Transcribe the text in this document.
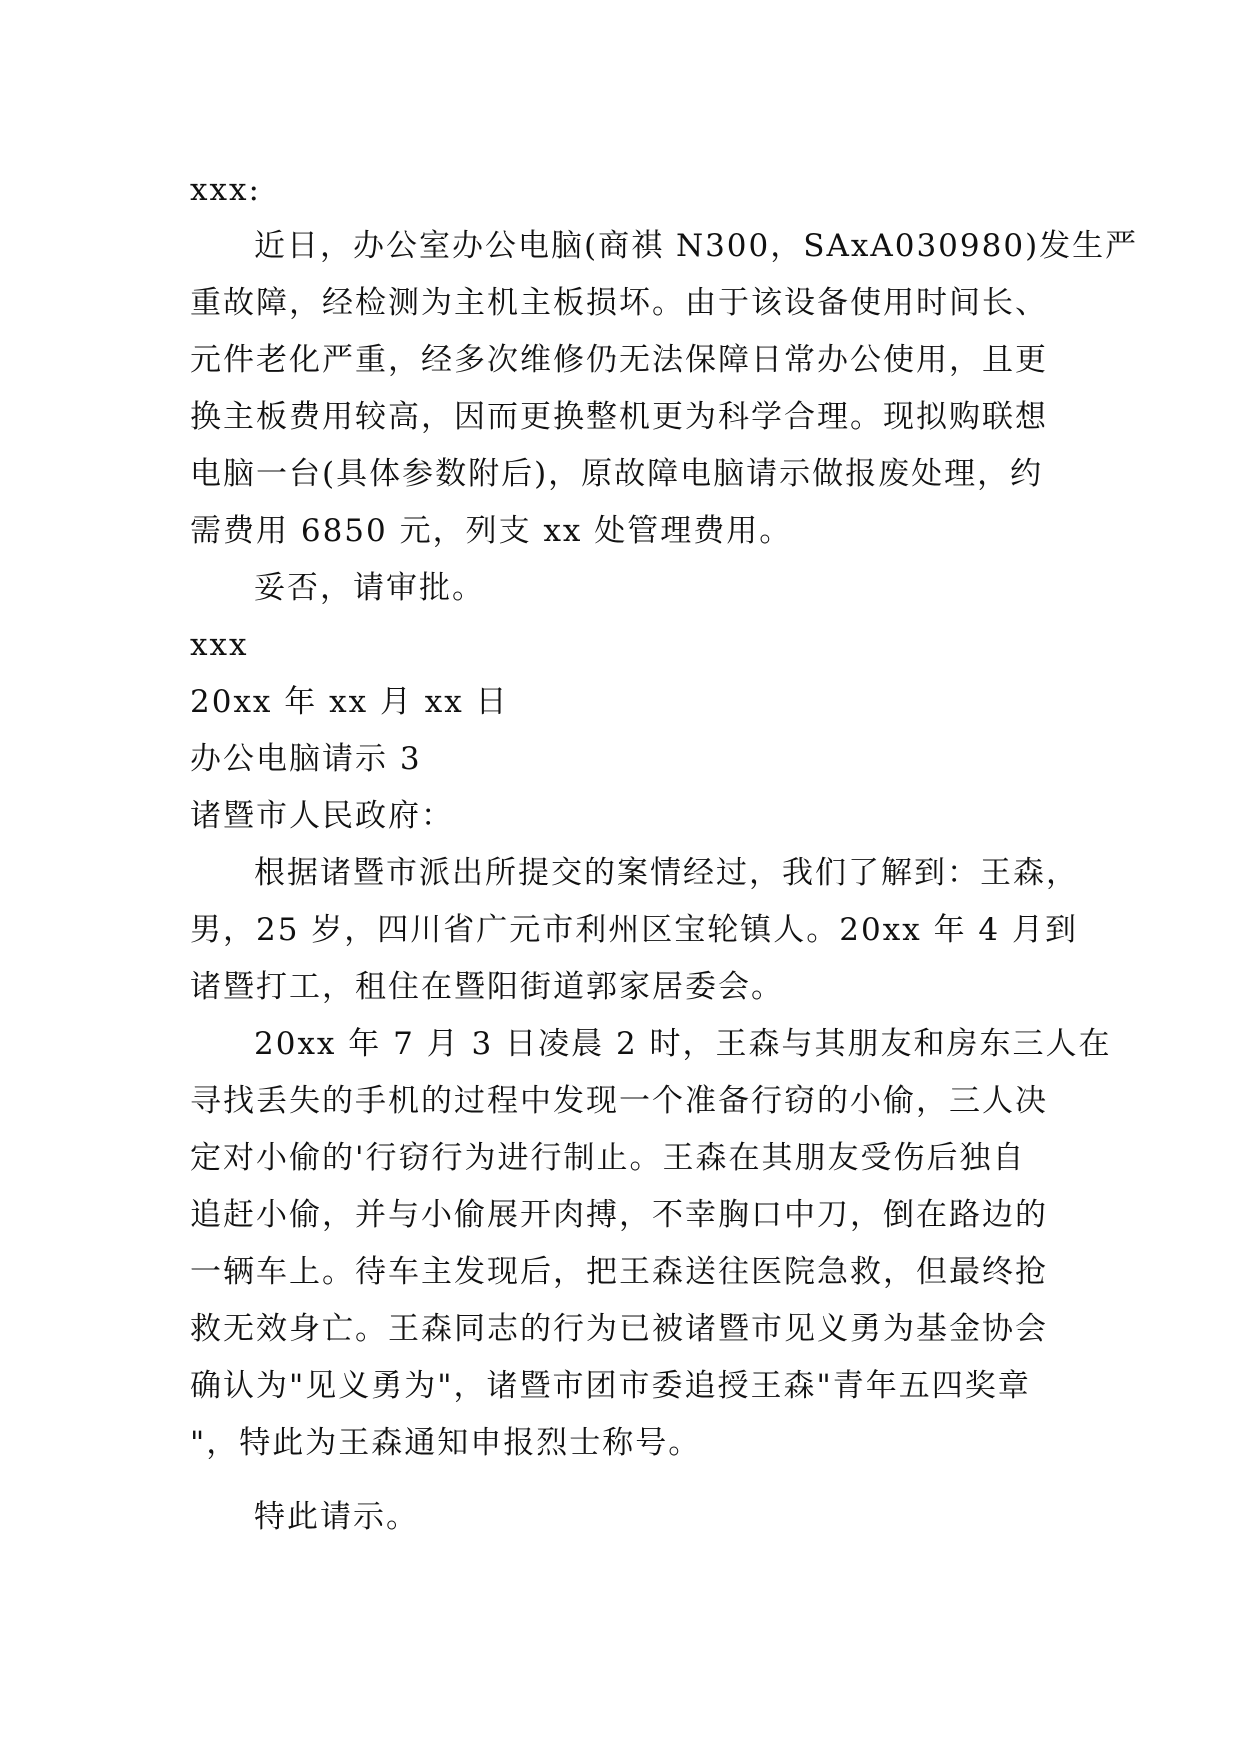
xxx:
近日，办公室办公电脑(商祺 N300，SAxA030980)发生严
重故障，经检测为主机主板损坏。由于该设备使用时间长、
元件老化严重，经多次维修仍无法保障日常办公使用，且更
换主板费用较高，因而更换整机更为科学合理。现拟购联想
电脑一台(具体参数附后)，原故障电脑请示做报废处理，约
需费用 6850 元，列支 xx 处管理费用。
妥否，请审批。
xxx
20xx 年 xx 月 xx 日
办公电脑请示 3
诸暨市人民政府：
根据诸暨市派出所提交的案情经过，我们了解到：王森，
男，25 岁，四川省广元市利州区宝轮镇人。20xx 年 4 月到
诸暨打工，租住在暨阳街道郭家居委会。
20xx 年 7 月 3 日凌晨 2 时，王森与其朋友和房东三人在
寻找丢失的手机的过程中发现一个准备行窃的小偷，三人决
定对小偷的'行窃行为进行制止。王森在其朋友受伤后独自
追赶小偷，并与小偷展开肉搏，不幸胸口中刀，倒在路边的
一辆车上。待车主发现后，把王森送往医院急救，但最终抢
救无效身亡。王森同志的行为已被诸暨市见义勇为基金协会
确认为"见义勇为"，诸暨市团市委追授王森"青年五四奖章
"，特此为王森通知申报烈士称号。
特此请示。
